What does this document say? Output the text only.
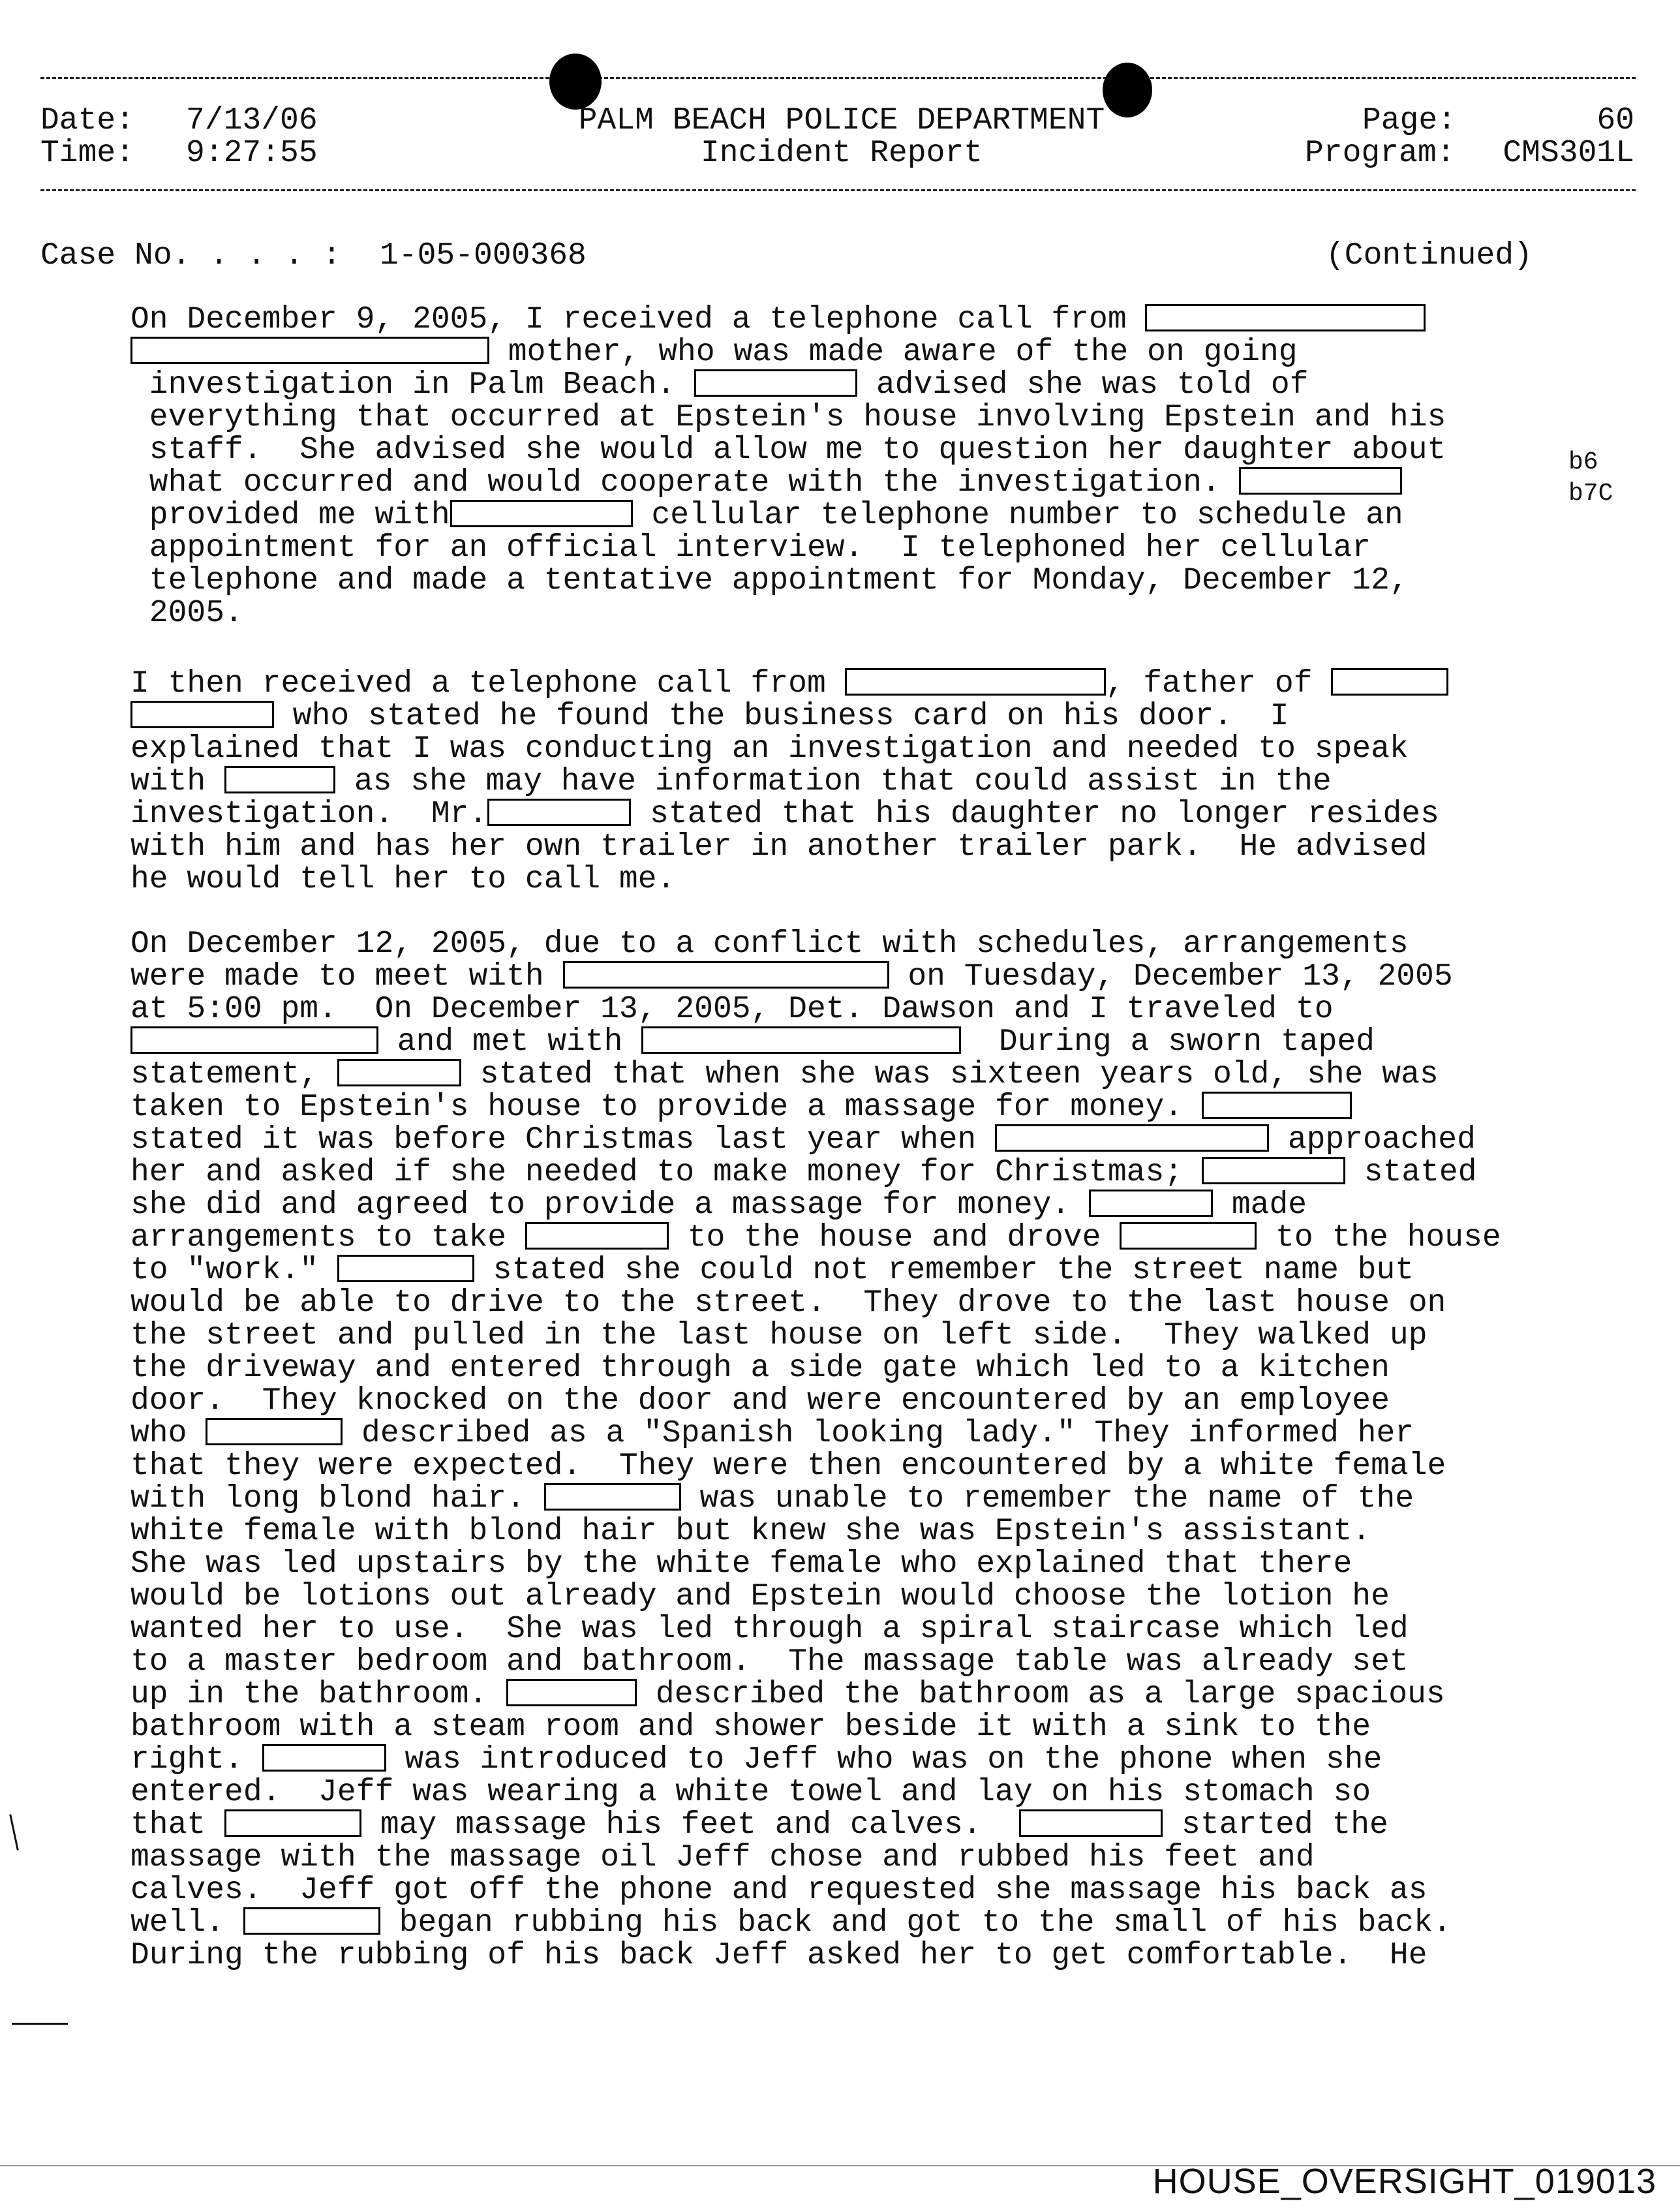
Date: 7/13/06
Time: 9:27:55
PALM BEACH POLICE DEPARTMENT
Incident Report
Page:	60
Program:	CMS301L
Case No. . . . : 1-05-000368	(Continued)
On December 9, 2005, I received a telephone call from
mother, who was made aware of the on going
investigation in Palm Beach.	advised she was told of
everything that occurred at Epstein's house involving Epstein and his
staff.  She advised she would allow me to question her daughter about
what occurred and would cooperate with the investigation.
provided me with	cellular telephone number to schedule an
appointment for an official interview.  I telephoned her cellular
telephone and made a tentative appointment for Monday, December 12,
2005.
I then received a telephone call from	, father of
who stated he found the business card on his door.  I
explained that I was conducting an investigation and needed to speak
with	as she may have information that could assist in the
investigation.  Mr.	stated that his daughter no longer resides
with him and has her own trailer in another trailer park.  He advised
he would tell her to call me.
On December 12, 2005, due to a conflict with schedules, arrangements
were made to meet with	on Tuesday, December 13, 2005
at 5:00 pm.  On December 13, 2005, Det. Dawson and I traveled to
and met with	During a sworn taped
statement,	stated that when she was sixteen years old, she was
taken to Epstein's house to provide a massage for money.
stated it was before Christmas last year when	approached
her and asked if she needed to make money for Christmas;	stated
she did and agreed to provide a massage for money.	made
arrangements to take	to the house and drove	to the house
to "work."	stated she could not remember the street name but
would be able to drive to the street.  They drove to the last house on
the street and pulled in the last house on left side.  They walked up
the driveway and entered through a side gate which led to a kitchen
door.  They knocked on the door and were encountered by an employee
who	described as a "Spanish looking lady." They informed her
that they were expected.  They were then encountered by a white female
with long blond hair.	was unable to remember the name of the
white female with blond hair but knew she was Epstein's assistant.
She was led upstairs by the white female who explained that there
would be lotions out already and Epstein would choose the lotion he
wanted her to use.  She was led through a spiral staircase which led
to a master bedroom and bathroom.  The massage table was already set
up in the bathroom.	described the bathroom as a large spacious
bathroom with a steam room and shower beside it with a sink to the
right.	was introduced to Jeff who was on the phone when she
entered.  Jeff was wearing a white towel and lay on his stomach so
that	may massage his feet and calves.	started the
massage with the massage oil Jeff chose and rubbed his feet and
calves.  Jeff got off the phone and requested she massage his back as
well.	began rubbing his back and got to the small of his back.
During the rubbing of his back Jeff asked her to get comfortable.  He
b6
b7C
HOUSE_OVERSIGHT_019013
